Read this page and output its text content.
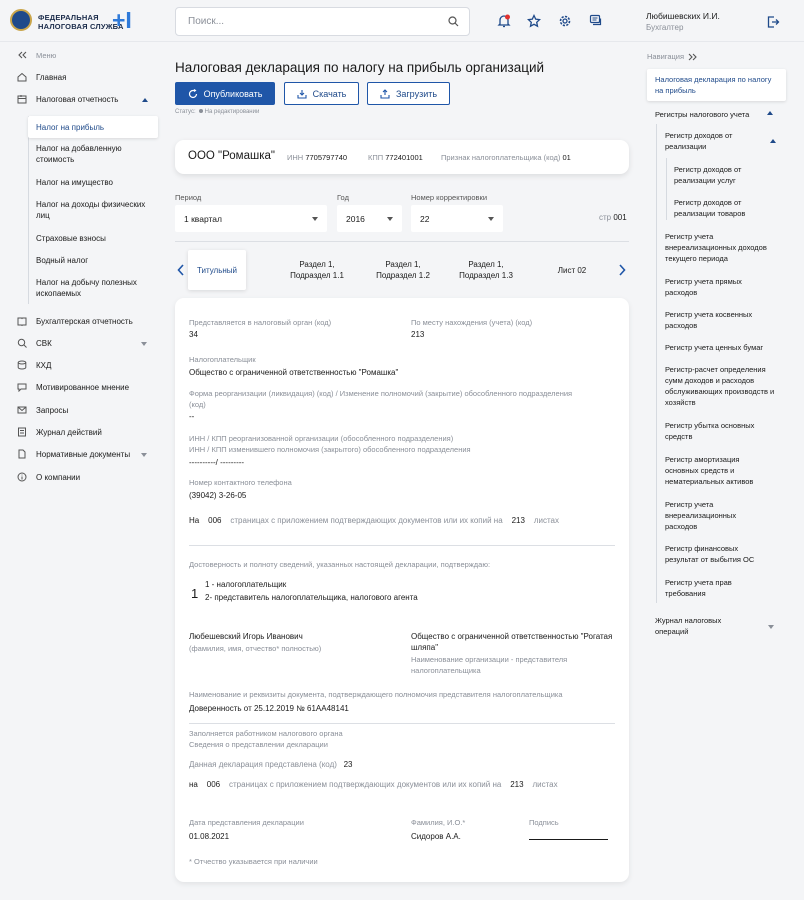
ФЕДЕРАЛЬНАЯ
НАЛОГОВАЯ СЛУЖБА
+I	Поиск...	Любишевских И.И.
Бухгалтер
Меню
Главная
Налоговая отчетность
Налог на прибыль
Налог на добавленную стоимость
Налог на имущество
Налог на доходы физических лиц
Страховые взносы
Водный налог
Налог на добычу полезных ископаемых
Бухгалтерская отчетность
СВК
КХД
Мотивированное мнение
Запросы
Журнал действий
Нормативные документы
О компании
Налоговая декларация по налогу на прибыль организаций
Опубликовать	Скачать	Загрузить
Статус: На редактировании
ООО "Ромашка" ИНН 7705797740	КПП 772401001 Признак налогоплательщика (код) 01
Период
1 квартал
Год
2016
Номер корректировки
22	стр 001
Титульный
Раздел 1,
Подраздел 1.1
Раздел 1,
Подраздел 1.2
Раздел 1,
Подраздел 1.3
Лист 02
Представляется в налоговый орган (код)
34
По месту нахождения (учета) (код)
213
Налогоплательщик
Общество с ограниченной ответственностью "Ромашка"
Форма реорганизации (ликвидация) (код) / Изменение полномочий (закрытие) обособленного подразделения
(код)
--
ИНН / КПП реорганизованной организации (обособленного подразделения)
ИНН / КПП изменившего полномочия (закрытого) обособленного подразделения
----------/ ---------
Номер контактного телефона
(39042) 3-26-05
На 006 страницах с приложением подтверждающих документов или их копий на 213 листах
Достоверность и полноту сведений, указанных настоящей декларации, подтверждаю:
1
1 - налогоплательщик
2- представитель налогоплательщика, налогового агента
Любешевский Игорь Иванович
(фамилия, имя, отчество* полностью)
Общество с ограниченной ответственностью "Рогатая
шляпа"
Наименование организации - представителя
налогоплательщика
Наименование и реквизиты документа, подтверждающего полномочия представителя налогоплательщика
Доверенность от 25.12.2019 № 61АА48141
Заполняется работником налогового органа
Сведения о представлении декларации
Данная декларация представлена (код) 23
на 006 страницах с приложением подтверждающих документов или их копий на 213 листах
Дата представления декларации
01.08.2021
Фамилия, И.О.*
Сидоров А.А.
Подпись
* Отчество указывается при наличии
Навигация
Налоговая декларация по налогу на прибыль
Регистры налогового учета
Регистр доходов от реализации
Регистр доходов от реализации услуг
Регистр доходов от реализации товаров
Регистр учета внереализационных доходов текущего периода
Регистр учета прямых расходов
Регистр учета косвенных расходов
Регистр учета ценных бумаг
Регистр-расчет определения сумм доходов и расходов обслуживающих производств и хозяйств
Регистр убытка основных средств
Регистр амортизация основных средств и нематериальных активов
Регистр учета внереализационных расходов
Регистр финансовых результат от выбытия ОС
Регистр учета прав требования
Журнал налоговых операций
